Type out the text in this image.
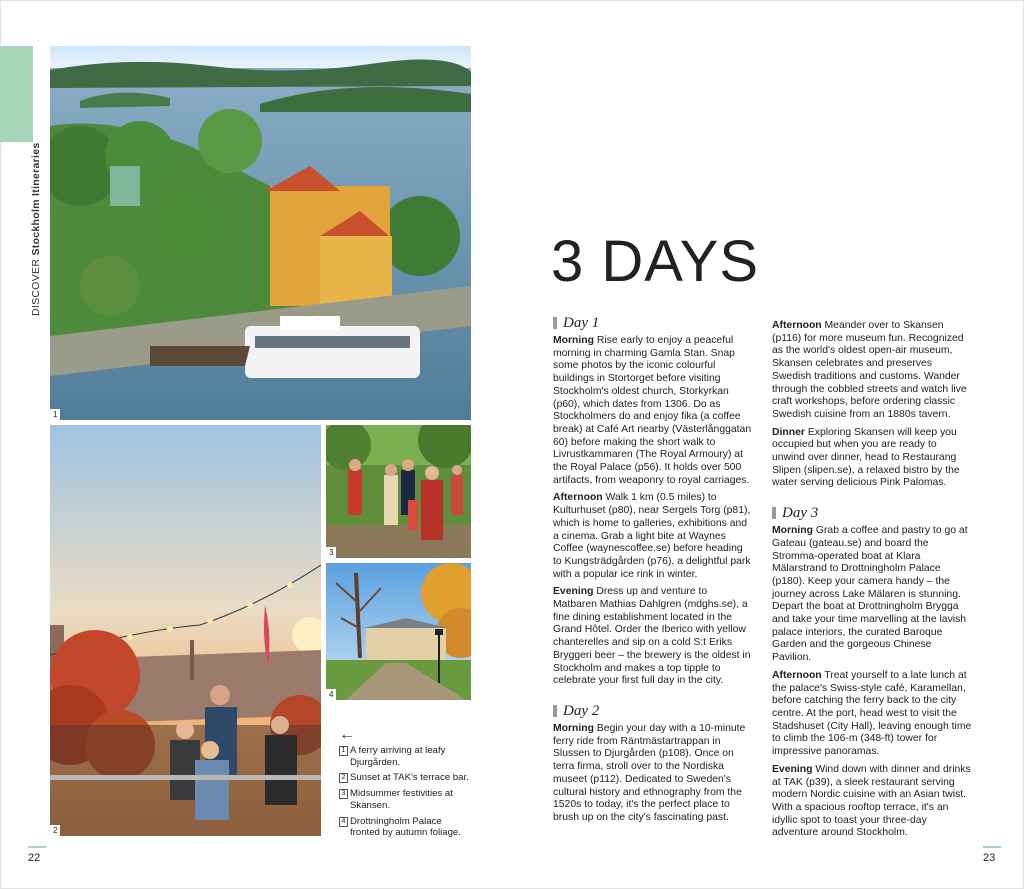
DISCOVER Stockholm Itineraries
1
2
3
4
←
1 A ferry arriving at leafy Djurgården.
2 Sunset at TAK's terrace bar.
3 Midsummer festivities at Skansen.
4 Drottningholm Palace fronted by autumn foliage.
22	23
3 DAYS
Day 1

Morning Rise early to enjoy a peaceful morning in charming Gamla Stan. Snap some photos by the iconic colourful buildings in Stortorget before visiting Stockholm's oldest church, Storkyrkan (p60), which dates from 1306. Do as Stockholmers do and enjoy fika (a coffee break) at Café Art nearby (Västerlånggatan 60) before making the short walk to Livrustkammaren (The Royal Armoury) at the Royal Palace (p56). It holds over 500 artifacts, from weaponry to royal carriages.

Afternoon Walk 1 km (0.5 miles) to Kulturhuset (p80), near Sergels Torg (p81), which is home to galleries, exhibitions and a cinema. Grab a light bite at Waynes Coffee (waynescoffee.se) before heading to Kungsträdgården (p76), a delightful park with a popular ice rink in winter.

Evening Dress up and venture to Matbaren Mathias Dahlgren (mdghs.se), a fine dining establishment located in the Grand Hôtel. Order the Iberico with yellow chanterelles and sip on a cold S:t Eriks Bryggeri beer – the brewery is the oldest in Stockholm and makes a top tipple to celebrate your first full day in the city.

Day 2

Morning Begin your day with a 10-minute ferry ride from Räntmästartrappan in Slussen to Djurgården (p108). Once on terra firma, stroll over to the Nordiska museet (p112). Dedicated to Sweden's cultural history and ethnography from the 1520s to today, it's the perfect place to brush up on the city's fascinating past.

Afternoon Meander over to Skansen (p116) for more museum fun. Recognized as the world's oldest open-air museum, Skansen celebrates and preserves Swedish traditions and customs. Wander through the cobbled streets and watch live craft workshops, before ordering classic Swedish cuisine from an 1880s tavern.

Dinner Exploring Skansen will keep you occupied but when you are ready to unwind over dinner, head to Restaurang Slipen (slipen.se), a relaxed bistro by the water serving delicious Pink Palomas.

Day 3

Morning Grab a coffee and pastry to go at Gateau (gateau.se) and board the Stromma-operated boat at Klara Mälarstrand to Drottningholm Palace (p180). Keep your camera handy – the journey across Lake Mälaren is stunning. Depart the boat at Drottningholm Brygga and take your time marvelling at the lavish palace interiors, the curated Baroque Garden and the gorgeous Chinese Pavilion.

Afternoon Treat yourself to a late lunch at the palace's Swiss-style café, Karamellan, before catching the ferry back to the city centre. At the port, head west to visit the Stadshuset (City Hall), leaving enough time to climb the 106-m (348-ft) tower for impressive panoramas.

Evening Wind down with dinner and drinks at TAK (p39), a sleek restaurant serving modern Nordic cuisine with an Asian twist. With a spacious rooftop terrace, it's an idyllic spot to toast your three-day adventure around Stockholm.
